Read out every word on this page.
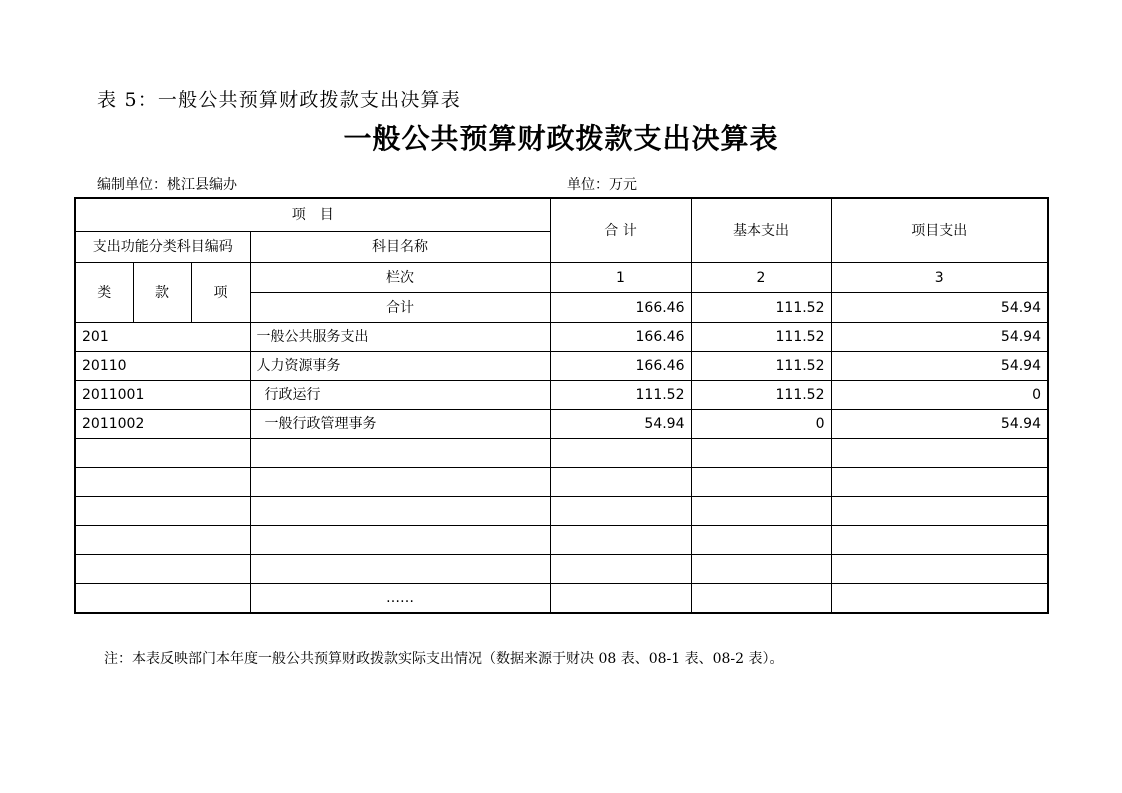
表 5：一般公共预算财政拨款支出决算表
一般公共预算财政拨款支出决算表
编制单位：桃江县编办	单位：万元
项　目				合 计	基本支出	项目支出
支出功能分类科目编码			科目名称			
类	款	项	栏次	1	2	3
			合计	166.46	111.52	54.94
201			一般公共服务支出	166.46	111.52	54.94
20110			人力资源事务	166.46	111.52	54.94
2011001			行政运行	111.52	111.52	0
2011002			一般行政管理事务	54.94	0	54.94

			……			
注：本表反映部门本年度一般公共预算财政拨款实际支出情况（数据来源于财决 08 表、08-1 表、08-2 表）。
